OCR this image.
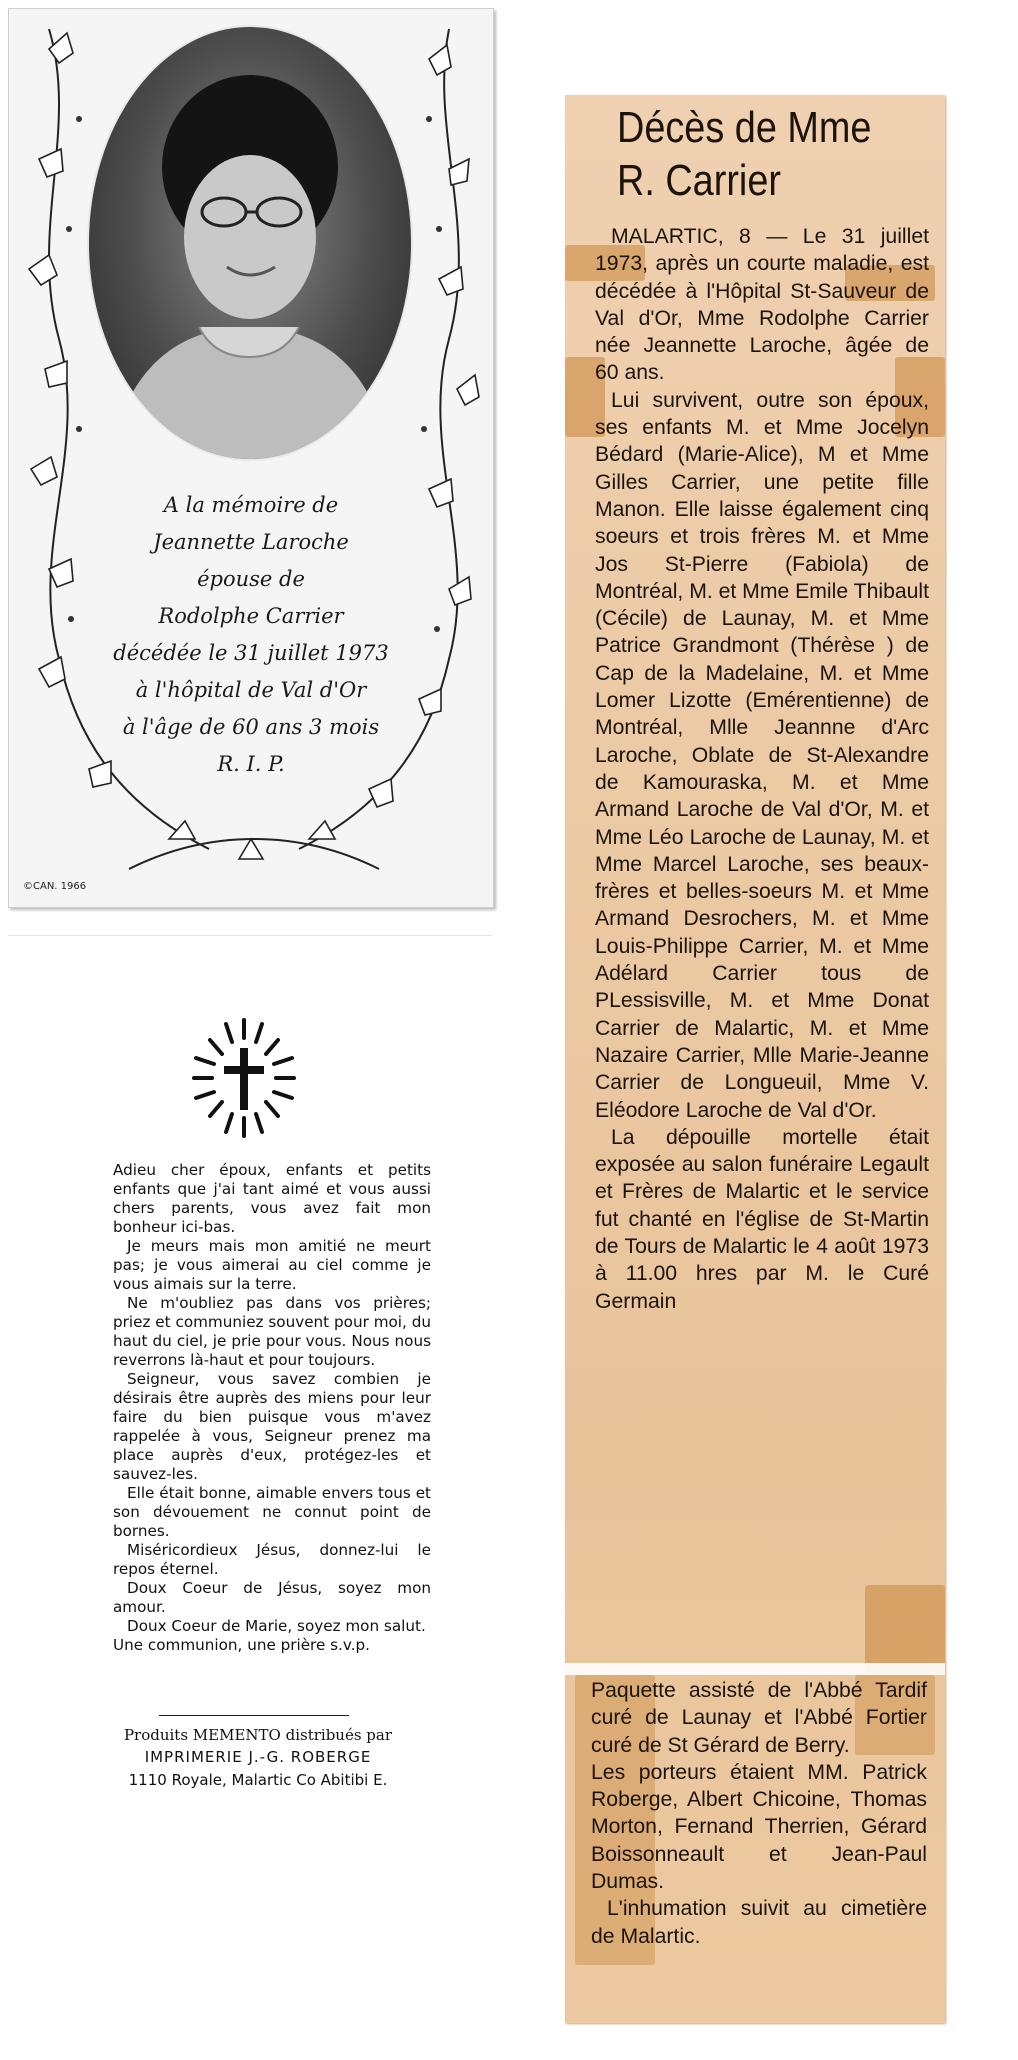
A la mémoire de
Jeannette Laroche
épouse de
Rodolphe Carrier
décédée le 31 juillet 1973
à l'hôpital de Val d'Or
à l'âge de 60 ans 3 mois
R. I. P.
©CAN. 1966

Adieu cher époux, enfants et petits enfants que j'ai tant aimé et vous aussi chers parents, vous avez fait mon bonheur ici-bas.

Je meurs mais mon amitié ne meurt pas; je vous aimerai au ciel comme je vous aimais sur la terre.

Ne m'oubliez pas dans vos prières; priez et communiez souvent pour moi, du haut du ciel, je prie pour vous. Nous nous reverrons là-haut et pour toujours.

Seigneur, vous savez combien je désirais être auprès des miens pour leur faire du bien puisque vous m'avez rappelée à vous, Seigneur prenez ma place auprès d'eux, protégez-les et sauvez-les.

Elle était bonne, aimable envers tous et son dévouement ne connut point de bornes.

Miséricordieux Jésus, donnez-lui le repos éternel.

Doux Coeur de Jésus, soyez mon amour.

Doux Coeur de Marie, soyez mon salut.

Une communion, une prière s.v.p.

Produits MEMENTO distribués par
IMPRIMERIE J.-G. ROBERGE
1110 Royale, Malartic Co Abitibi E.
Décès de Mme
R. Carrier

MALARTIC, 8 — Le 31 juillet 1973, après un courte maladie, est décédée à l'Hôpital St-Sauveur de Val d'Or, Mme Rodolphe Carrier née Jeannette Laroche, âgée de 60 ans.

Lui survivent, outre son époux, ses enfants M. et Mme Jocelyn Bédard (Marie-Alice), M et Mme Gilles Carrier, une petite fille Manon. Elle laisse également cinq soeurs et trois frères M. et Mme Jos St-Pierre (Fabiola) de Montréal, M. et Mme Emile Thibault (Cécile) de Launay, M. et Mme Patrice Grandmont (Thérèse ) de Cap de la Madelaine, M. et Mme Lomer Lizotte (Emérentienne) de Montréal, Mlle Jeannne d'Arc Laroche, Oblate de St-Alexandre de Kamouraska, M. et Mme Armand Laroche de Val d'Or, M. et Mme Léo Laroche de Launay, M. et Mme Marcel Laroche, ses beaux-frères et belles-soeurs M. et Mme Armand Desrochers, M. et Mme Louis-Philippe Carrier, M. et Mme Adélard Carrier tous de PLessisville, M. et Mme Donat Carrier de Malartic, M. et Mme Nazaire Carrier, Mlle Marie-Jeanne Carrier de Longueuil, Mme V. Eléodore Laroche de Val d'Or.

La dépouille mortelle était exposée au salon funéraire Legault et Frères de Malartic et le service fut chanté en l'église de St-Martin de Tours de Malartic le 4 août 1973 à 11.00 hres par M. le Curé Germain

Paquette assisté de l'Abbé Tardif curé de Launay et l'Abbé Fortier curé de St Gérard de Berry.

Les porteurs étaient MM. Patrick Roberge, Albert Chicoine, Thomas Morton, Fernand Therrien, Gérard Boissonneault et Jean-Paul Dumas.

L'inhumation suivit au cimetière de Malartic.
